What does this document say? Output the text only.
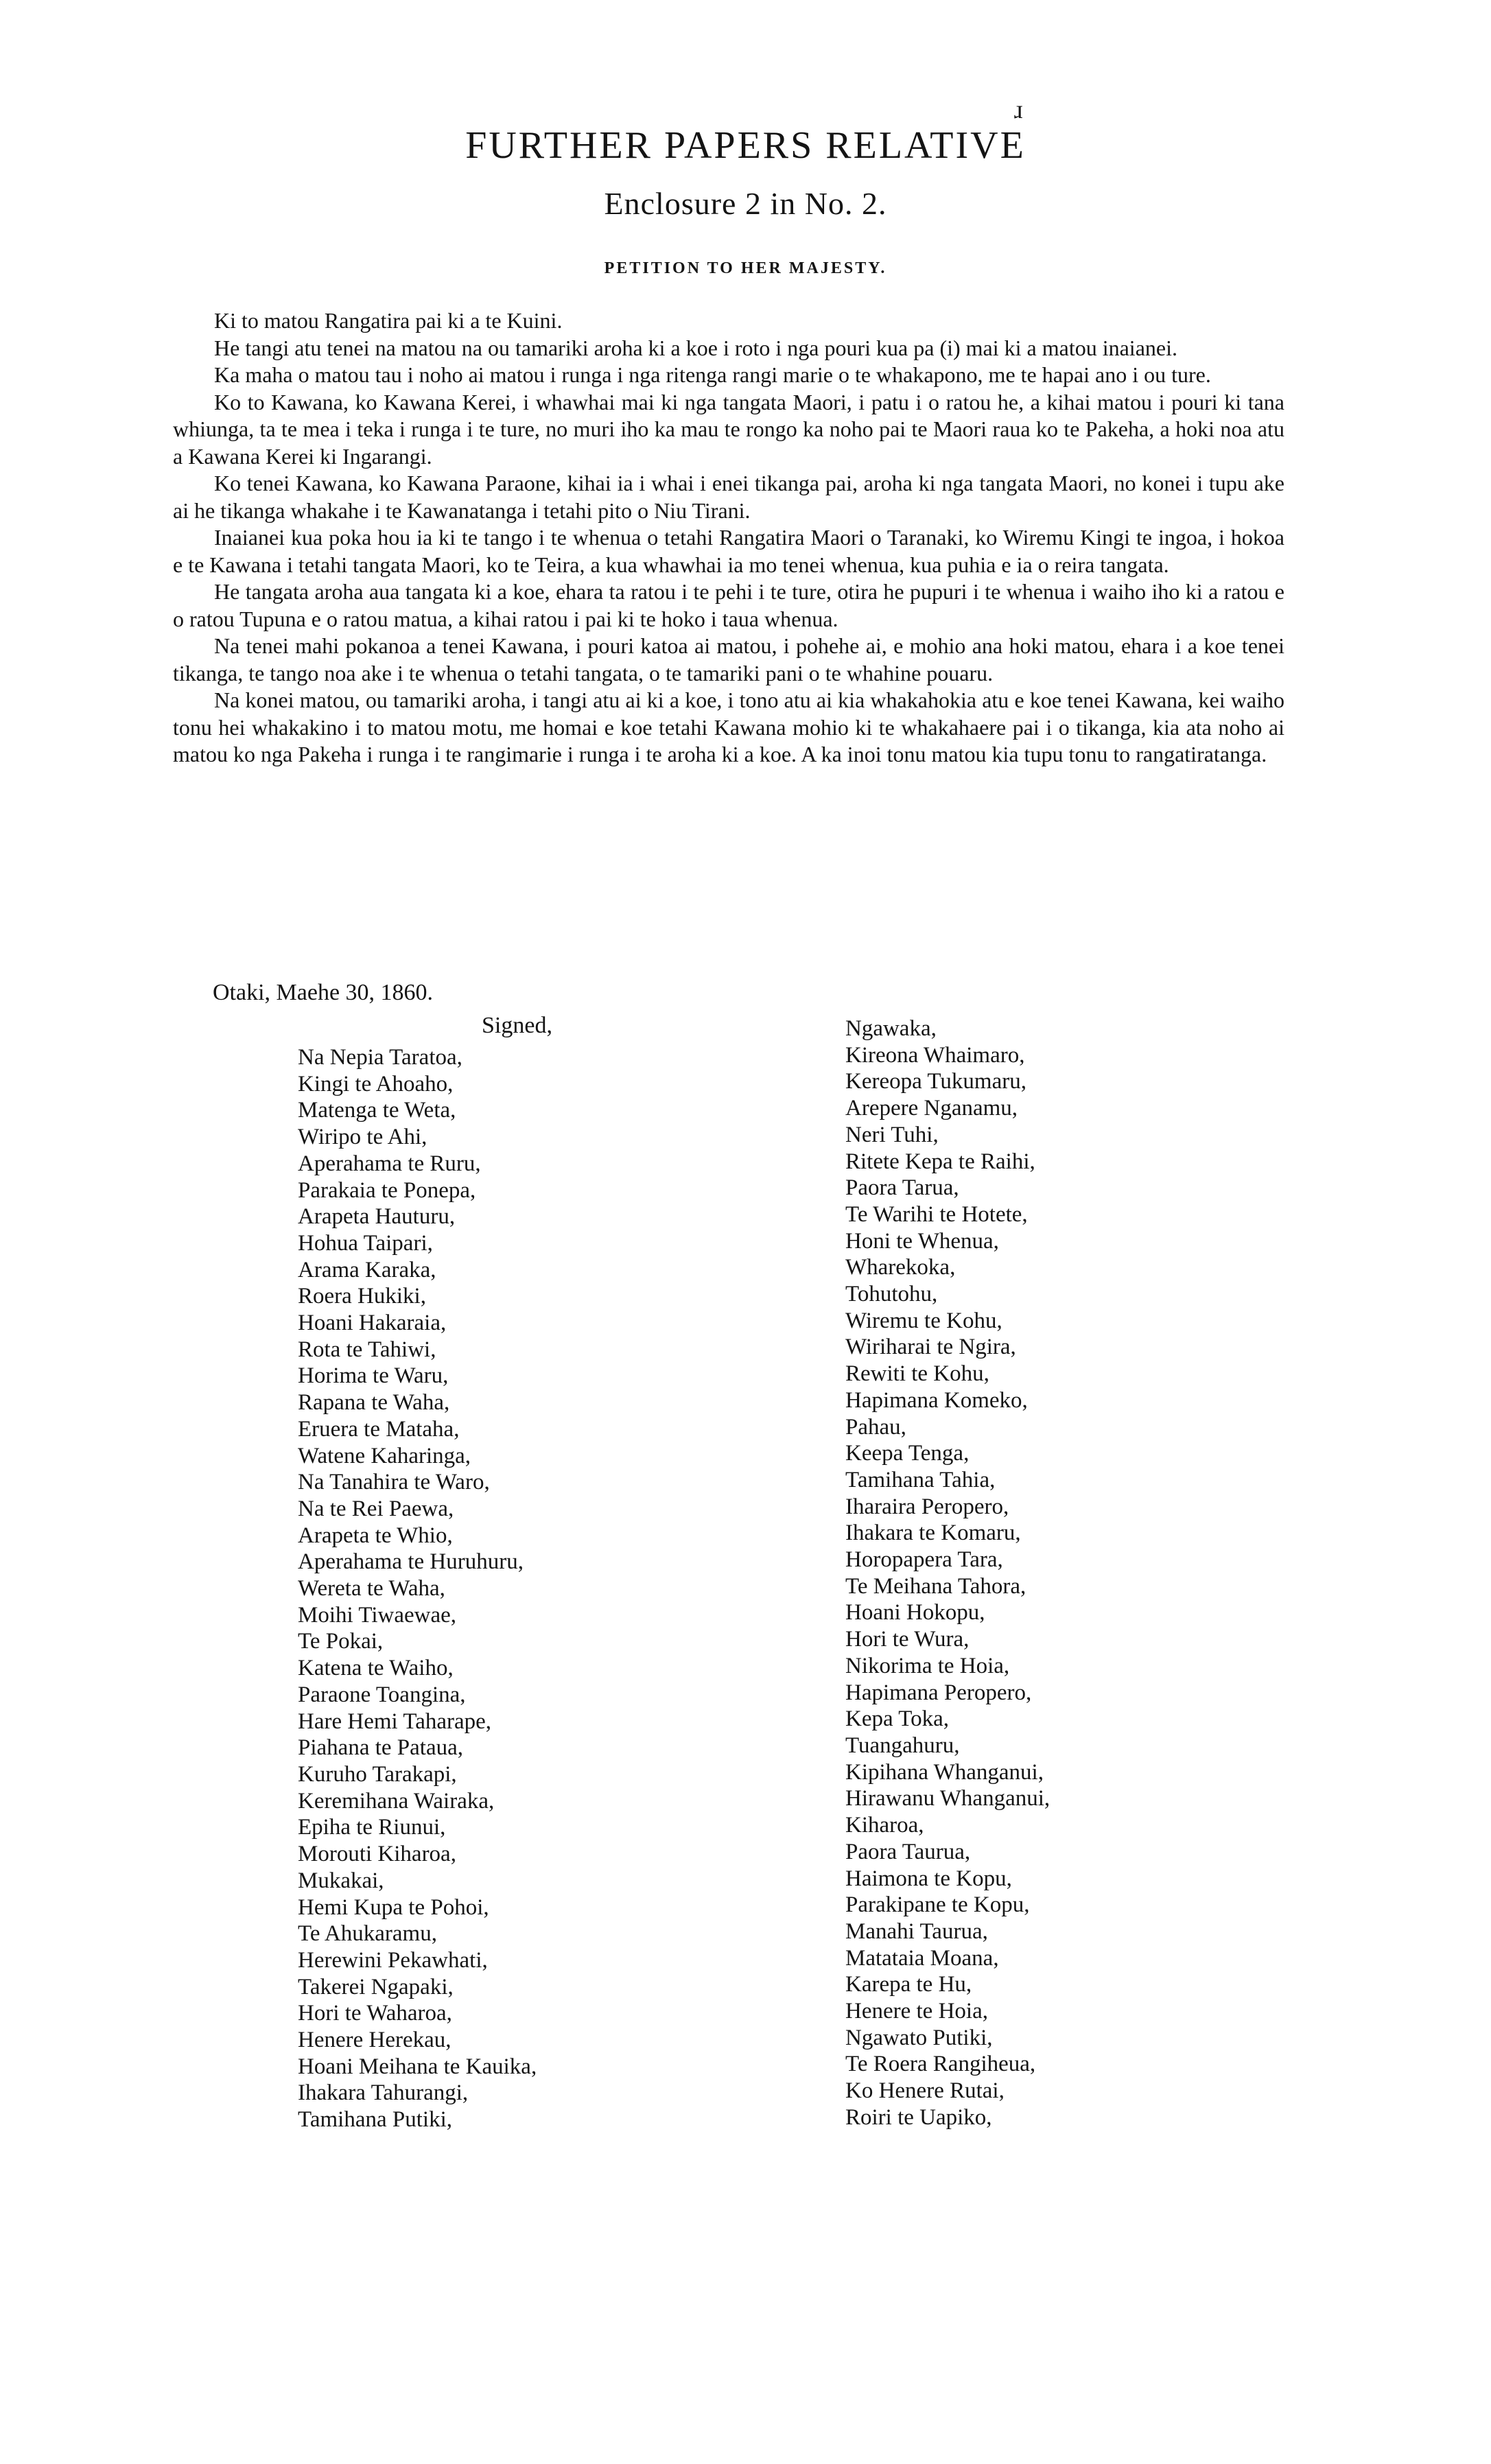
ɹ
FURTHER PAPERS RELATIVE
Enclosure 2 in No. 2.
PETITION TO HER MAJESTY.

Ki to matou Rangatira pai ki a te Kuini.

He tangi atu tenei na matou na ou tamariki aroha ki a koe i roto i nga pouri kua pa (i) mai ki a matou inaianei.

Ka maha o matou tau i noho ai matou i runga i nga ritenga rangi marie o te whakapono, me te hapai ano i ou ture.

Ko to Kawana, ko Kawana Kerei, i whawhai mai ki nga tangata Maori, i patu i o ratou he, a kihai matou i pouri ki tana whiunga, ta te mea i teka i runga i te ture, no muri iho ka mau te rongo ka noho pai te Maori raua ko te Pakeha, a hoki noa atu a Kawana Kerei ki Ingarangi.

Ko tenei Kawana, ko Kawana Paraone, kihai ia i whai i enei tikanga pai, aroha ki nga tangata Maori, no konei i tupu ake ai he tikanga whakahe i te Kawanatanga i tetahi pito o Niu Tirani.

Inaianei kua poka hou ia ki te tango i te whenua o tetahi Rangatira Maori o Taranaki, ko Wiremu Kingi te ingoa, i hokoa e te Kawana i tetahi tangata Maori, ko te Teira, a kua whawhai ia mo tenei whenua, kua puhia e ia o reira tangata.

He tangata aroha aua tangata ki a koe, ehara ta ratou i te pehi i te ture, otira he pupuri i te whenua i waiho iho ki a ratou e o ratou Tupuna e o ratou matua, a kihai ratou i pai ki te hoko i taua whenua.

Na tenei mahi pokanoa a tenei Kawana, i pouri katoa ai matou, i pohehe ai, e mohio ana hoki matou, ehara i a koe tenei tikanga, te tango noa ake i te whenua o tetahi tangata, o te tamariki pani o te whahine pouaru.

Na konei matou, ou tamariki aroha, i tangi atu ai ki a koe, i tono atu ai kia whakahokia atu e koe tenei Kawana, kei waiho tonu hei whakakino i to matou motu, me homai e koe tetahi Kawana mohio ki te whakahaere pai i o tikanga, kia ata noho ai matou ko nga Pakeha i runga i te rangimarie i runga i te aroha ki a koe. A ka inoi tonu matou kia tupu tonu to rangatiratanga.

Otaki, Maehe 30, 1860.
Signed,
Na Nepia Taratoa,
Kingi te Ahoaho,
Matenga te Weta,
Wiripo te Ahi,
Aperahama te Ruru,
Parakaia te Ponepa,
Arapeta Hauturu,
Hohua Taipari,
Arama Karaka,
Roera Hukiki,
Hoani Hakaraia,
Rota te Tahiwi,
Horima te Waru,
Rapana te Waha,
Eruera te Mataha,
Watene Kaharinga,
Na Tanahira te Waro,
Na te Rei Paewa,
Arapeta te Whio,
Aperahama te Huruhuru,
Wereta te Waha,
Moihi Tiwaewae,
Te Pokai,
Katena te Waiho,
Paraone Toangina,
Hare Hemi Taharape,
Piahana te Pataua,
Kuruho Tarakapi,
Keremihana Wairaka,
Epiha te Riunui,
Morouti Kiharoa,
Mukakai,
Hemi Kupa te Pohoi,
Te Ahukaramu,
Herewini Pekawhati,
Takerei Ngapaki,
Hori te Waharoa,
Henere Herekau,
Hoani Meihana te Kauika,
Ihakara Tahurangi,
Tamihana Putiki,
Ngawaka,
Kireona Whaimaro,
Kereopa Tukumaru,
Arepere Nganamu,
Neri Tuhi,
Ritete Kepa te Raihi,
Paora Tarua,
Te Warihi te Hotete,
Honi te Whenua,
Wharekoka,
Tohutohu,
Wiremu te Kohu,
Wiriharai te Ngira,
Rewiti te Kohu,
Hapimana Komeko,
Pahau,
Keepa Tenga,
Tamihana Tahia,
Iharaira Peropero,
Ihakara te Komaru,
Horopapera Tara,
Te Meihana Tahora,
Hoani Hokopu,
Hori te Wura,
Nikorima te Hoia,
Hapimana Peropero,
Kepa Toka,
Tuangahuru,
Kipihana Whanganui,
Hirawanu Whanganui,
Kiharoa,
Paora Taurua,
Haimona te Kopu,
Parakipane te Kopu,
Manahi Taurua,
Matataia Moana,
Karepa te Hu,
Henere te Hoia,
Ngawato Putiki,
Te Roera Rangiheua,
Ko Henere Rutai,
Roiri te Uapiko,
